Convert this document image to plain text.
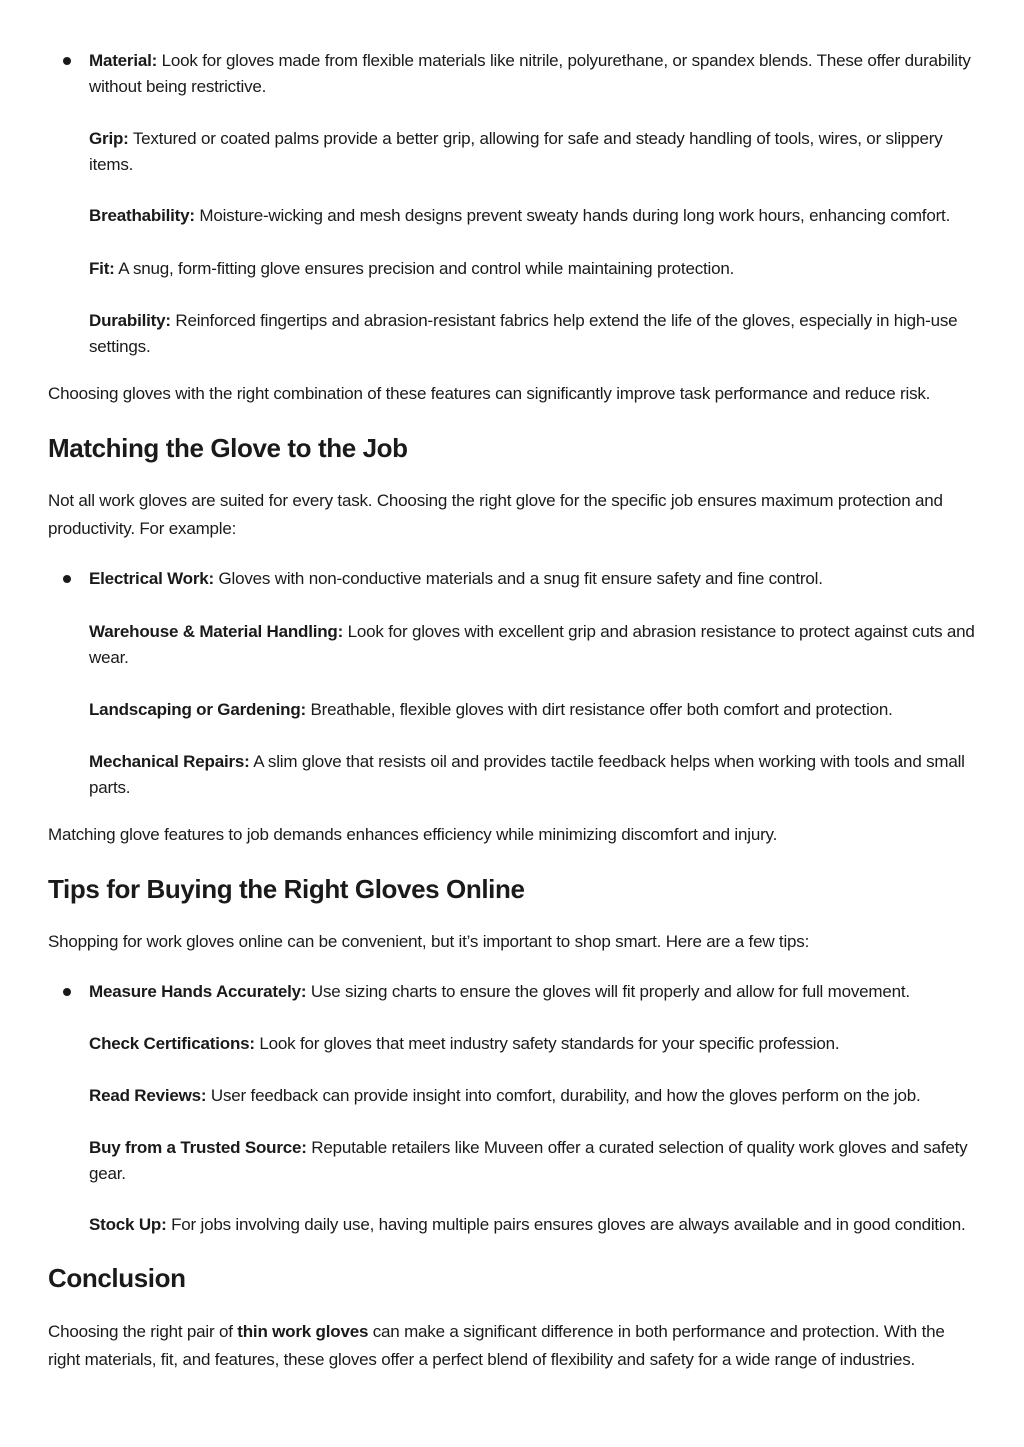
Material: Look for gloves made from flexible materials like nitrile, polyurethane, or spandex blends. These offer durability without being restrictive.

Grip: Textured or coated palms provide a better grip, allowing for safe and steady handling of tools, wires, or slippery items.

Breathability: Moisture-wicking and mesh designs prevent sweaty hands during long work hours, enhancing comfort.

Fit: A snug, form-fitting glove ensures precision and control while maintaining protection.

Durability: Reinforced fingertips and abrasion-resistant fabrics help extend the life of the gloves, especially in high-use settings.

Choosing gloves with the right combination of these features can significantly improve task performance and reduce risk.

Matching the Glove to the Job

Not all work gloves are suited for every task. Choosing the right glove for the specific job ensures maximum protection and productivity. For example:

Electrical Work: Gloves with non-conductive materials and a snug fit ensure safety and fine control.

Warehouse & Material Handling: Look for gloves with excellent grip and abrasion resistance to protect against cuts and wear.

Landscaping or Gardening: Breathable, flexible gloves with dirt resistance offer both comfort and protection.

Mechanical Repairs: A slim glove that resists oil and provides tactile feedback helps when working with tools and small parts.

Matching glove features to job demands enhances efficiency while minimizing discomfort and injury.

Tips for Buying the Right Gloves Online

Shopping for work gloves online can be convenient, but it’s important to shop smart. Here are a few tips:

Measure Hands Accurately: Use sizing charts to ensure the gloves will fit properly and allow for full movement.

Check Certifications: Look for gloves that meet industry safety standards for your specific profession.

Read Reviews: User feedback can provide insight into comfort, durability, and how the gloves perform on the job.

Buy from a Trusted Source: Reputable retailers like Muveen offer a curated selection of quality work gloves and safety gear.

Stock Up: For jobs involving daily use, having multiple pairs ensures gloves are always available and in good condition.

Conclusion

Choosing the right pair of thin work gloves can make a significant difference in both performance and protection. With the right materials, fit, and features, these gloves offer a perfect blend of flexibility and safety for a wide range of industries.
